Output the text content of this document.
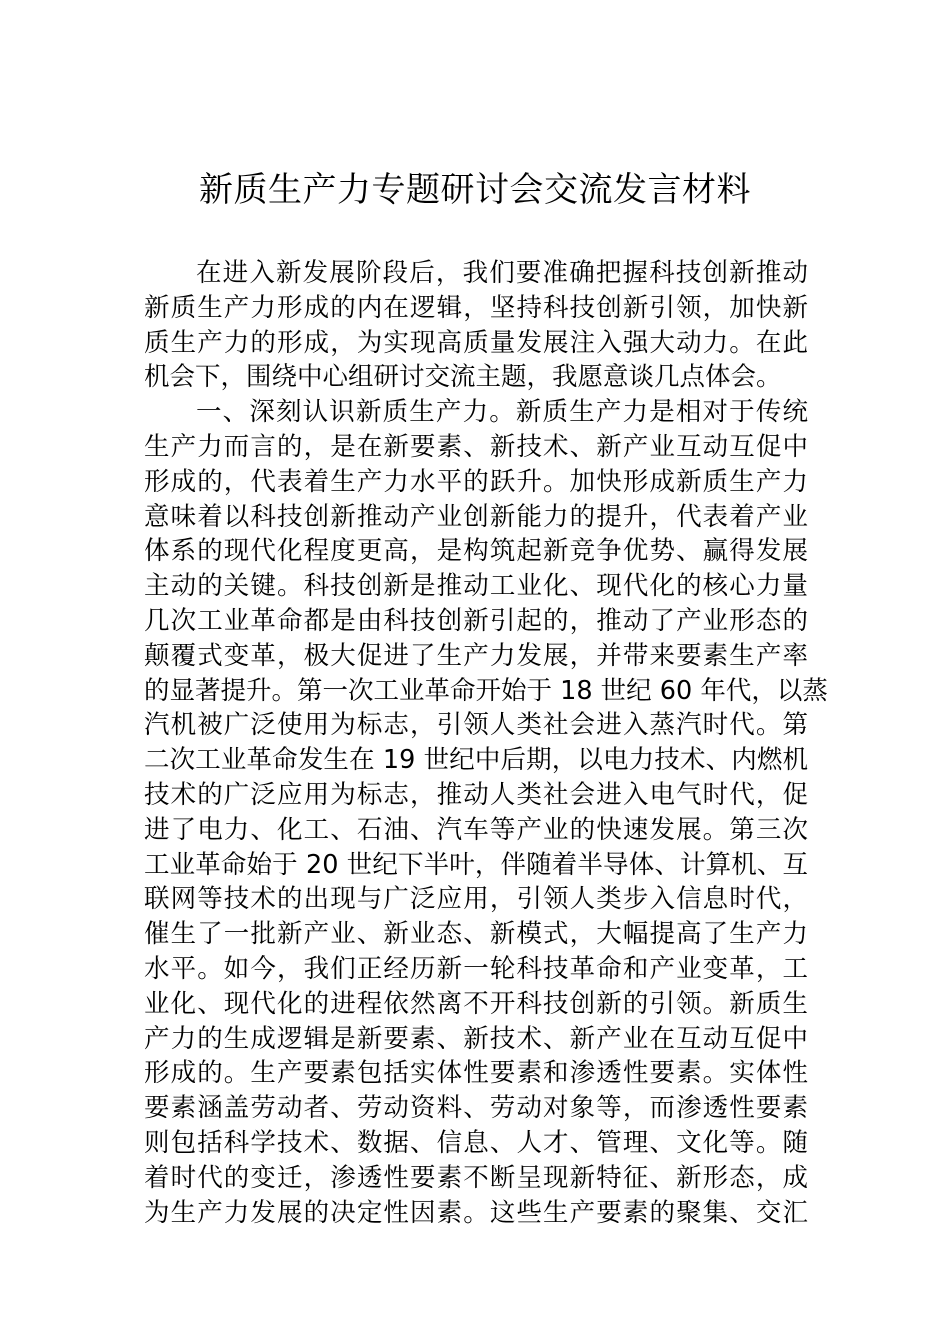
新质生产力专题研讨会交流发言材料
在进入新发展阶段后，我们要准确把握科技创新推动
新质生产力形成的内在逻辑，坚持科技创新引领，加快新
质生产力的形成，为实现高质量发展注入强大动力。在此
机会下，围绕中心组研讨交流主题，我愿意谈几点体会。
一、深刻认识新质生产力。新质生产力是相对于传统
生产力而言的，是在新要素、新技术、新产业互动互促中
形成的，代表着生产力水平的跃升。加快形成新质生产力
意味着以科技创新推动产业创新能力的提升，代表着产业
体系的现代化程度更高，是构筑起新竞争优势、赢得发展
主动的关键。科技创新是推动工业化、现代化的核心力量
几次工业革命都是由科技创新引起的，推动了产业形态的
颠覆式变革，极大促进了生产力发展，并带来要素生产率
的显著提升。第一次工业革命开始于 18 世纪 60 年代，以蒸
汽机被广泛使用为标志，引领人类社会进入蒸汽时代。第
二次工业革命发生在 19 世纪中后期，以电力技术、内燃机
技术的广泛应用为标志，推动人类社会进入电气时代，促
进了电力、化工、石油、汽车等产业的快速发展。第三次
工业革命始于 20 世纪下半叶，伴随着半导体、计算机、互
联网等技术的出现与广泛应用，引领人类步入信息时代，
催生了一批新产业、新业态、新模式，大幅提高了生产力
水平。如今，我们正经历新一轮科技革命和产业变革，工
业化、现代化的进程依然离不开科技创新的引领。新质生
产力的生成逻辑是新要素、新技术、新产业在互动互促中
形成的。生产要素包括实体性要素和渗透性要素。实体性
要素涵盖劳动者、劳动资料、劳动对象等，而渗透性要素
则包括科学技术、数据、信息、人才、管理、文化等。随
着时代的变迁，渗透性要素不断呈现新特征、新形态，成
为生产力发展的决定性因素。这些生产要素的聚集、交汇
